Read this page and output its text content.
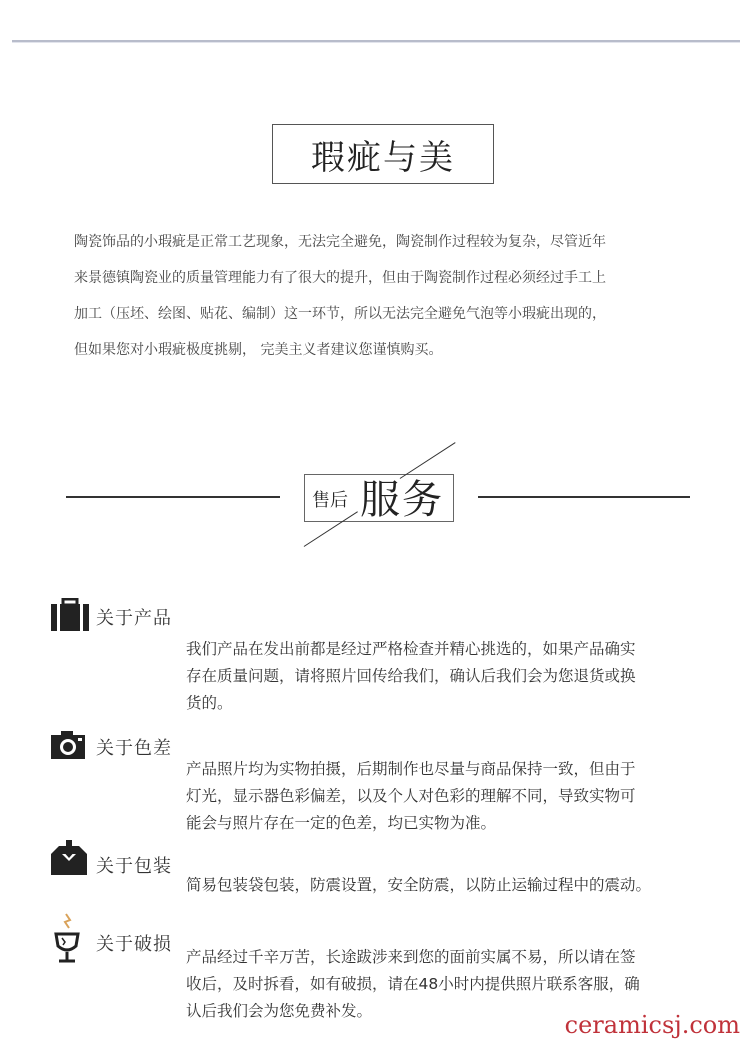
瑕疵与美

陶瓷饰品的小瑕疵是正常工艺现象，无法完全避免，陶瓷制作过程较为复杂，尽管近年

来景德镇陶瓷业的质量管理能力有了很大的提升，但由于陶瓷制作过程必须经过手工上

加工（压坯、绘图、贴花、编制）这一环节，所以无法完全避免气泡等小瑕疵出现的，

但如果您对小瑕疵极度挑剔， 完美主义者建议您谨慎购买。

售后 服务
关于产品

我们产品在发出前都是经过严格检查并精心挑选的，如果产品确实

存在质量问题，请将照片回传给我们，确认后我们会为您退货或换

货的。

关于色差

产品照片均为实物拍摄，后期制作也尽量与商品保持一致，但由于

灯光，显示器色彩偏差，以及个人对色彩的理解不同，导致实物可

能会与照片存在一定的色差，均已实物为准。

关于包装

简易包装袋包装，防震设置，安全防震，以防止运输过程中的震动。

关于破损

产品经过千辛万苦，长途跋涉来到您的面前实属不易，所以请在签

收后，及时拆看，如有破损，请在48小时内提供照片联系客服，确

认后我们会为您免费补发。	ceramicsj.com
